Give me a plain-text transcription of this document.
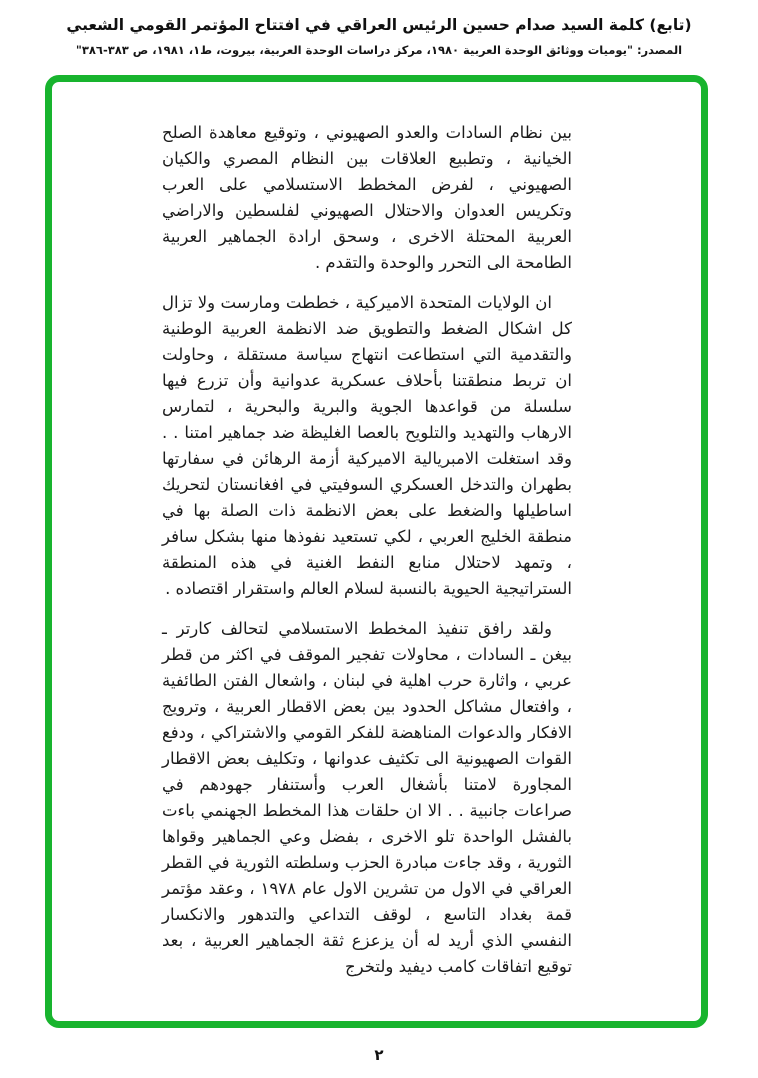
(تابع) كلمة السيد صدام حسين الرئيس العراقي في افتتاح المؤتمر القومي الشعبي
المصدر: "يوميات ووثائق الوحدة العربية ١٩٨٠، مركز دراسات الوحدة العربية، بيروت، ط١، ١٩٨١، ص ٣٨٣-٣٨٦"

بين نظام السادات والعدو الصهيوني ، وتوقيع معاهدة الصلح الخيانية ، وتطبيع العلاقات بين النظام المصري والكيان الصهيوني ، لفرض المخطط الاستسلامي على العرب وتكريس العدوان والاحتلال الصهيوني لفلسطين والاراضي العربية المحتلة الاخرى ، وسحق ارادة الجماهير العربية الطامحة الى التحرر والوحدة والتقدم .

ان الولايات المتحدة الاميركية ، خططت ومارست ولا تزال كل اشكال الضغط والتطويق ضد الانظمة العربية الوطنية والتقدمية التي استطاعت انتهاج سياسة مستقلة ، وحاولت ان تربط منطقتنا بأحلاف عسكرية عدوانية وأن تزرع فيها سلسلة من قواعدها الجوية والبرية والبحرية ، لتمارس الارهاب والتهديد والتلويح بالعصا الغليظة ضد جماهير امتنا . . وقد استغلت الامبريالية الاميركية أزمة الرهائن في سفارتها بطهران والتدخل العسكري السوفيتي في افغانستان لتحريك اساطيلها والضغط على بعض الانظمة ذات الصلة بها في منطقة الخليج العربي ، لكي تستعيد نفوذها منها بشكل سافر ، وتمهد لاحتلال منابع النفط الغنية في هذه المنطقة الستراتيجية الحيوية بالنسبة لسلام العالم واستقرار اقتصاده .

ولقد رافق تنفيذ المخطط الاستسلامي لتحالف كارتر ـ بيغن ـ السادات ، محاولات تفجير الموقف في اكثر من قطر عربي ، واثارة حرب اهلية في لبنان ، واشعال الفتن الطائفية ، وافتعال مشاكل الحدود بين بعض الاقطار العربية ، وترويج الافكار والدعوات المناهضة للفكر القومي والاشتراكي ، ودفع القوات الصهيونية الى تكثيف عدوانها ، وتكليف بعض الاقطار المجاورة لامتنا بأشغال العرب وأستنفار جهودهم في صراعات جانبية . . الا ان حلقات هذا المخطط الجهنمي باءت بالفشل الواحدة تلو الاخرى ، بفضل وعي الجماهير وقواها الثورية ، وقد جاءت مبادرة الحزب وسلطته الثورية في القطر العراقي في الاول من تشرين الاول عام ١٩٧٨ ، وعقد مؤتمر قمة بغداد التاسع ، لوقف التداعي والتدهور والانكسار النفسي الذي أريد له أن يزعزع ثقة الجماهير العربية ، بعد توقيع اتفاقات كامب ديفيد ولتخرج

٢
